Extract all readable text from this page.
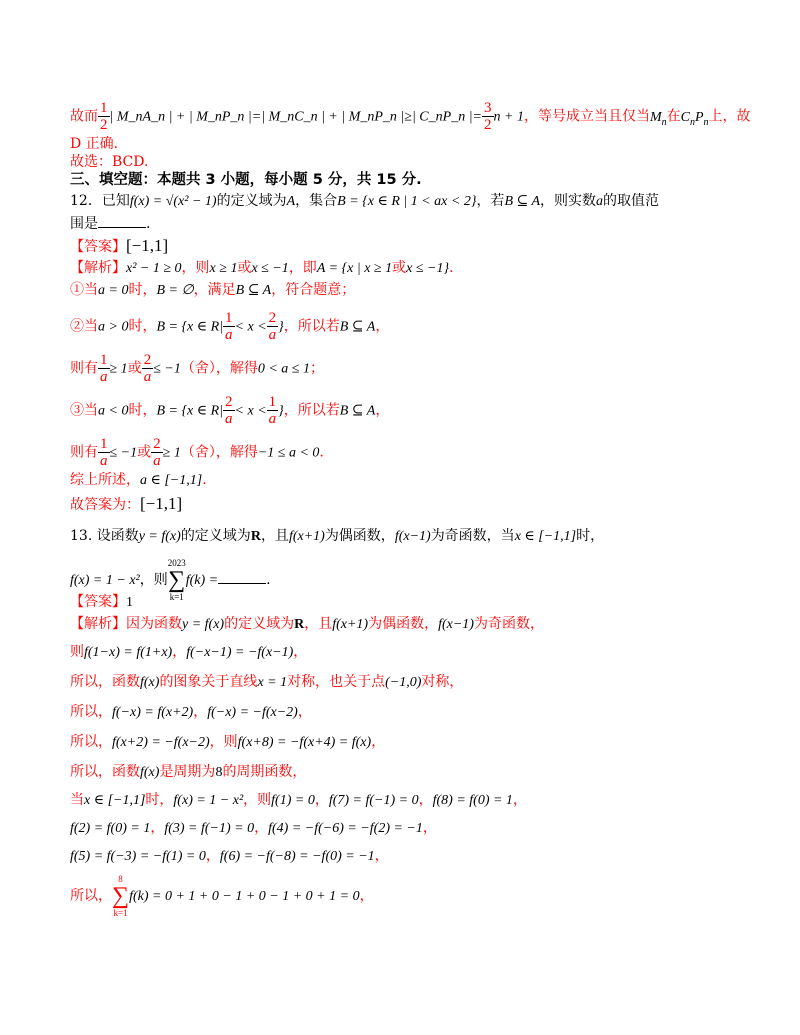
故而 $\frac{1}{2}$ | M_nA_n | + | M_nP_n |=| M_nC_n | + | M_nP_n |≥| C_nP_n |= $\frac{3}{2}$ n + 1，等号成立当且仅当$M_n$在$C_nP_n$上，故
D 正确.
故选：BCD.
三、填空题：本题共 3 小题，每小题 5 分，共 15 分.
12．已知f(x) = √(x² − 1)的定义域为A，集合B = {x ∈ R | 1 < ax < 2}，若B ⊆ A，则实数a的取值范
围是	.
【答案】[−1,1]
【解析】x² − 1 ≥ 0，则x ≥ 1或x ≤ −1，即A = {x | x ≥ 1或x ≤ −1}.
①当a = 0时，B = ∅，满足B ⊆ A，符合题意；
②当a > 0时，B = {x ∈ $R| \frac{1}{a} < x < \frac{2}{a}$ }，所以若B ⊆ A，
则有 $\frac{1}{a} \ge 1$或 $\frac{2}{a} \le -1$（舍），解得0 < a ≤ 1；
③当a < 0时，B = {x ∈ $R| \frac{2}{a} < x < \frac{1}{a}$ }，所以若B ⊆ A，
则有 $\frac{1}{a} \le -1$或 $\frac{2}{a} \ge 1$（舍），解得−1 ≤ a < 0.
综上所述，a ∈ [−1,1].
故答案为：[−1,1]
13. 设函数y = f(x)的定义域为R，且f(x+1)为偶函数，f(x−1)为奇函数，当x ∈ [−1,1]时，
f(x) = 1 − x²，则
2023
∑
k=1
f(k) =	.
【答案】1
【解析】因为函数y = f(x)的定义域为R，且f(x+1)为偶函数，f(x−1)为奇函数，
则f(1−x) = f(1+x)，f(−x−1) = −f(x−1)，
所以，函数f(x)的图象关于直线x = 1对称，也关于点(−1,0)对称，
所以，f(−x) = f(x+2)，f(−x) = −f(x−2)，
所以，f(x+2) = −f(x−2)，则f(x+8) = −f(x+4) = f(x)，
所以，函数f(x)是周期为8的周期函数，
当x ∈ [−1,1]时，f(x) = 1 − x²，则f(1) = 0，f(7) = f(−1) = 0，f(8) = f(0) = 1，
f(2) = f(0) = 1，f(3) = f(−1) = 0，f(4) = −f(−6) = −f(2) = −1，
f(5) = f(−3) = −f(1) = 0，f(6) = −f(−8) = −f(0) = −1，
所以，
8
∑
k=1
f(k) = 0 + 1 + 0 − 1 + 0 − 1 + 0 + 1 = 0，
